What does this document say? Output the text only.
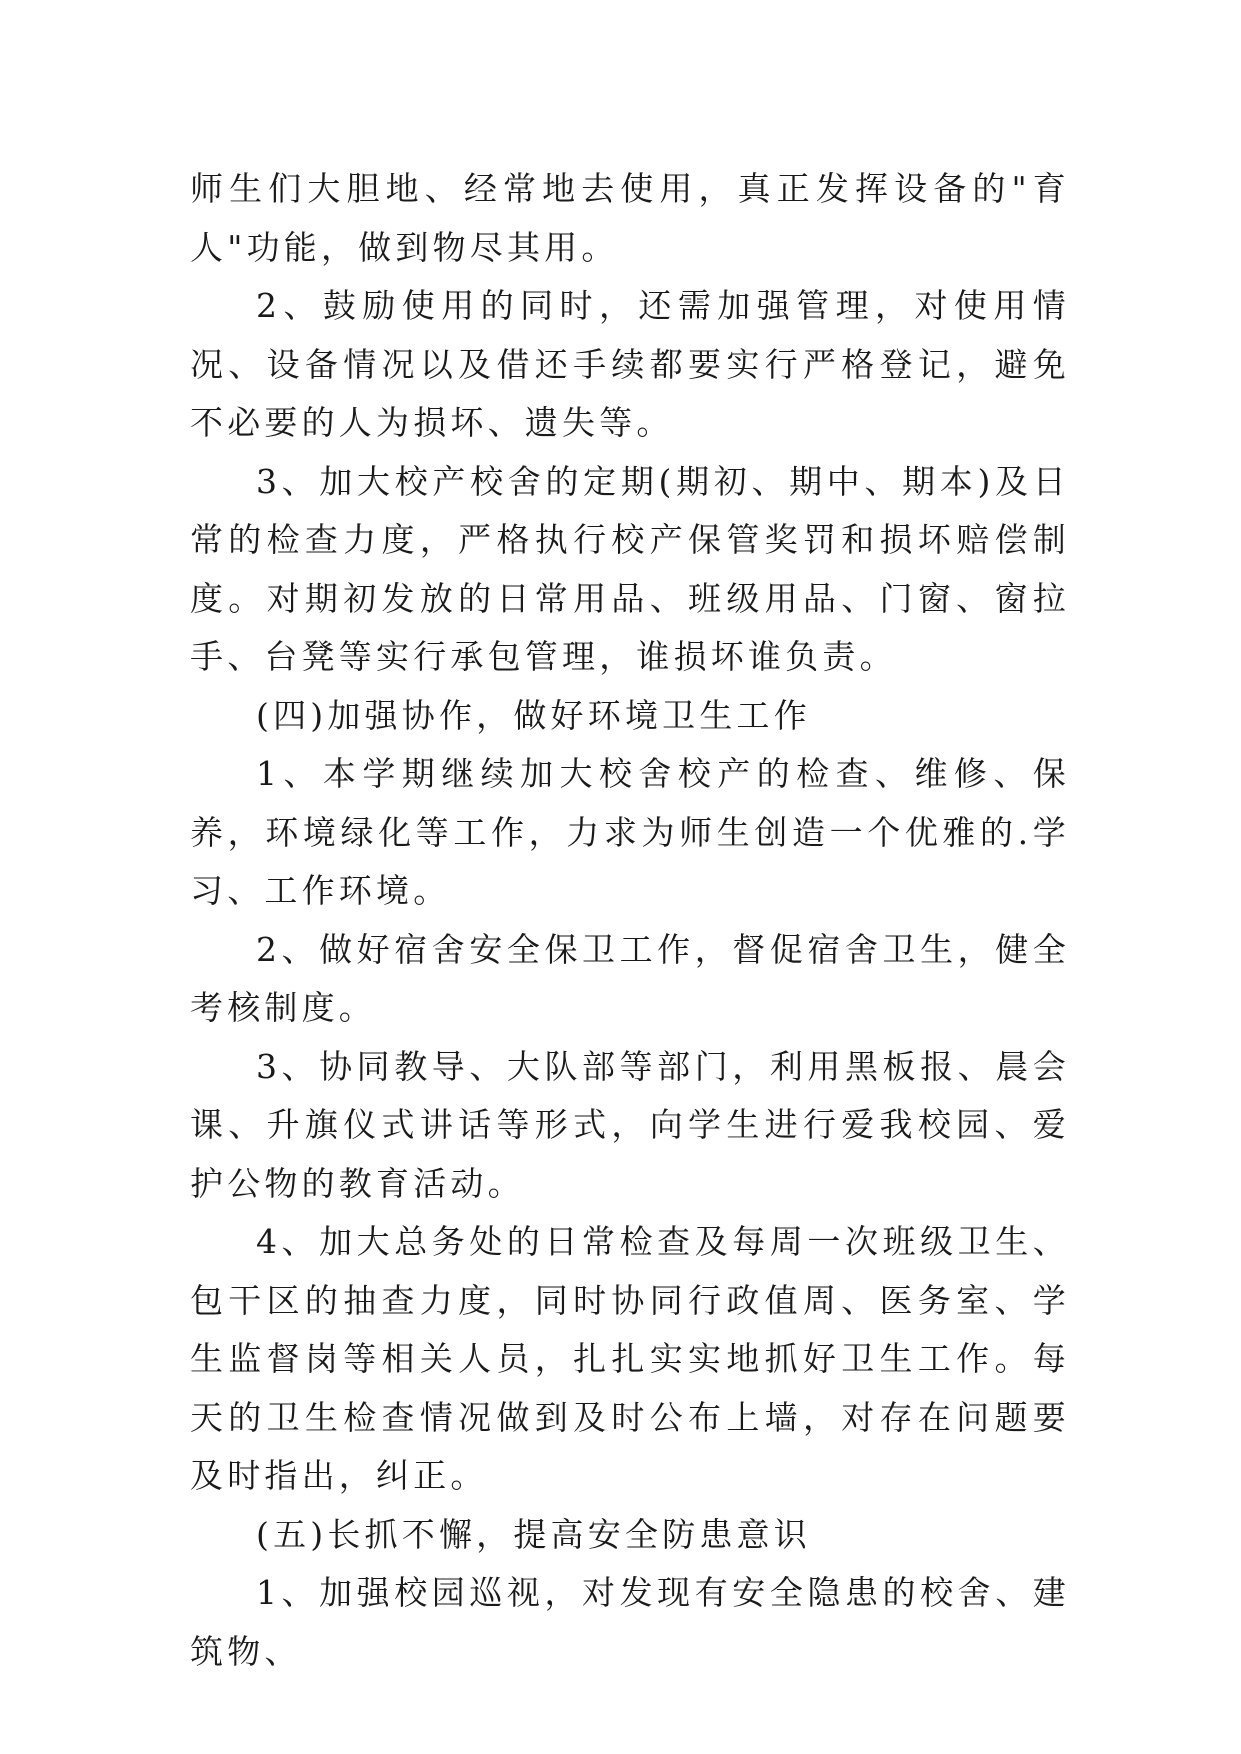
师生们大胆地、经常地去使用，真正发挥设备的"育人"功能，做到物尽其用。

2、鼓励使用的同时，还需加强管理，对使用情况、设备情况以及借还手续都要实行严格登记，避免不必要的人为损坏、遗失等。

3、加大校产校舍的定期(期初、期中、期本)及日常的检查力度，严格执行校产保管奖罚和损坏赔偿制度。对期初发放的日常用品、班级用品、门窗、窗拉手、台凳等实行承包管理，谁损坏谁负责。

(四)加强协作，做好环境卫生工作

1、本学期继续加大校舍校产的检查、维修、保养，环境绿化等工作，力求为师生创造一个优雅的.学习、工作环境。

2、做好宿舍安全保卫工作，督促宿舍卫生，健全考核制度。

3、协同教导、大队部等部门，利用黑板报、晨会课、升旗仪式讲话等形式，向学生进行爱我校园、爱护公物的教育活动。

4、加大总务处的日常检查及每周一次班级卫生、包干区的抽查力度，同时协同行政值周、医务室、学生监督岗等相关人员，扎扎实实地抓好卫生工作。每天的卫生检查情况做到及时公布上墙，对存在问题要及时指出，纠正。

(五)长抓不懈，提高安全防患意识

1、加强校园巡视，对发现有安全隐患的校舍、建筑物、
